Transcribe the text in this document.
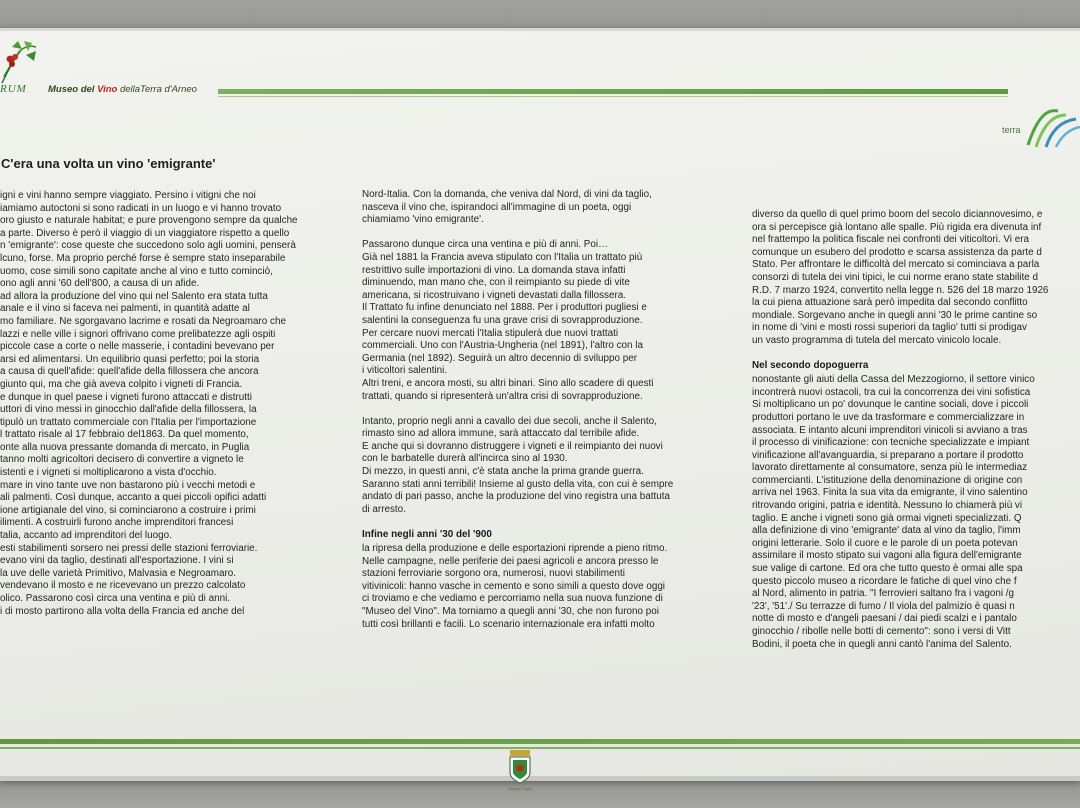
RUM Museo del Vino dellaTerra d'Arneo
terra
C'era una volta un vino 'emigrante'
igni e vini hanno sempre viaggiato. Persino i vitigni che noi
iamiamo autoctoni si sono radicati in un luogo e vi hanno trovato
oro giusto e naturale habitat; e pure provengono sempre da qualche
a parte. Diverso è però il viaggio di un viaggiatore rispetto a quello
n 'emigrante': cose queste che succedono solo agli uomini, penserà
lcuno, forse. Ma proprio perché forse è sempre stato inseparabile
uomo, cose simili sono capitate anche al vino e tutto cominciò,
ono agli anni '60 dell'800, a causa di un afide.
ad allora la produzione del vino qui nel Salento era stata tutta
anale e il vino si faceva nei palmenti, in quantità adatte al
mo familiare. Ne sgorgavano lacrime e rosati da Negroamaro che
lazzi e nelle ville i signori offrivano come prelibatezze agli ospiti
piccole case a corte o nelle masserie, i contadini bevevano per
arsi ed alimentarsi. Un equilibrio quasi perfetto; poi la storia
a causa di quell'afide: quell'afide della fillossera che ancora
giunto qui, ma che già aveva colpito i vigneti di Francia.
e dunque in quel paese i vigneti furono attaccati e distrutti
uttori di vino messi in ginocchio dall'afide della fillossera, la
tipulò un trattato commerciale con l'Italia per l'importazione
l trattato risale al 17 febbraio del1863. Da quel momento,
onte alla nuova pressante domanda di mercato, in Puglia
tanno molti agricoltori decisero di convertire a vigneto le
istenti e i vigneti si moltiplicarono a vista d'occhio.
mare in vino tante uve non bastarono più i vecchi metodi e
ali palmenti. Così dunque, accanto a quei piccoli opifici adatti
ione artigianale del vino, si cominciarono a costruire i primi
ilimenti. A costruirli furono anche imprenditori francesi
talia, accanto ad imprenditori del luogo.
esti stabilimenti sorsero nei pressi delle stazioni ferroviarie.
evano vini da taglio, destinati all'esportazione. I vini si
la uve delle varietà Primitivo, Malvasia e Negroamaro.
vendevano il mosto e ne ricevevano un prezzo calcolato
olico. Passarono così circa una ventina e più di anni.
i di mosto partirono alla volta della Francia ed anche del
Nord-Italia. Con la domanda, che veniva dal Nord, di vini da taglio,
nasceva il vino che, ispirandoci all'immagine di un poeta, oggi
chiamiamo 'vino emigrante'.
Passarono dunque circa una ventina e più di anni. Poi…
Già nel 1881 la Francia aveva stipulato con l'Italia un trattato più
restrittivo sulle importazioni di vino. La domanda stava infatti
diminuendo, man mano che, con il reimpianto su piede di vite
americana, si ricostruivano i vigneti devastati dalla fillossera.
Il Trattato fu infine denunciato nel 1888. Per i produttori pugliesi e
salentini la conseguenza fu una grave crisi di sovrapproduzione.
Per cercare nuovi mercati l'Italia stipulerà due nuovi trattati
commerciali. Uno con l'Austria-Ungheria (nel 1891), l'altro con la
Germania (nel 1892). Seguirà un altro decennio di sviluppo per
i viticoltori salentini.
Altri treni, e ancora mosti, su altri binari. Sino allo scadere di questi
trattati, quando si ripresenterà un'altra crisi di sovrapproduzione.
Intanto, proprio negli anni a cavallo dei due secoli, anche il Salento,
rimasto sino ad allora immune, sarà attaccato dal terribile afide.
E anche qui si dovranno distruggere i vigneti e il reimpianto dei nuovi
con le barbatelle durerà all'incirca sino al 1930.
Di mezzo, in questi anni, c'è stata anche la prima grande guerra.
Saranno stati anni terribili! Insieme al gusto della vita, con cui è sempre
andato di pari passo, anche la produzione del vino registra una battuta
di arresto.
Infine negli anni '30 del '900
la ripresa della produzione e delle esportazioni riprende a pieno ritmo.
Nelle campagne, nelle periferie dei paesi agricoli e ancora presso le
stazioni ferroviarie sorgono ora, numerosi, nuovi stabilimenti
vitivinicoli: hanno vasche in cemento e sono simili a questo dove oggi
ci troviamo e che vediamo e percorriamo nella sua nuova funzione di
"Museo del Vino". Ma torniamo a quegli anni '30, che non furono poi
tutti così brillanti e facili. Lo scenario internazionale era infatti molto
diverso da quello di quel primo boom del secolo diciannovesimo, e
ora si percepisce già lontano alle spalle. Più rigida era divenuta inf
nel frattempo la politica fiscale nei confronti dei viticoltori. Vi era
comunque un esubero del prodotto e scarsa assistenza da parte d
Stato. Per affrontare le difficoltà del mercato si cominciava a parla
consorzi di tutela dei vini tipici, le cui norme erano state stabilite d
R.D. 7 marzo 1924, convertito nella legge n. 526 del 18 marzo 1926
la cui piena attuazione sarà però impedita dal secondo conflitto
mondiale. Sorgevano anche in quegli anni '30 le prime cantine so
in nome di 'vini e mosti rossi superiori da taglio' tutti si prodigav
un vasto programma di tutela del mercato vinicolo locale.
Nel secondo dopoguerra
nonostante gli aiuti della Cassa del Mezzogiorno, il settore vinico
incontrerà nuovi ostacoli, tra cui la concorrenza dei vini sofistica
Si moltiplicano un po' dovunque le cantine sociali, dove i piccoli
produttori portano le uve da trasformare e commercializzare in
associata. E intanto alcuni imprenditori vinicoli si avviano a tras
il processo di vinificazione: con tecniche specializzate e impiant
vinificazione all'avanguardia, si preparano a portare il prodotto
lavorato direttamente al consumatore, senza più le intermediaz
commercianti. L'istituzione della denominazione di origine con
arriva nel 1963. Finita la sua vita da emigrante, il vino salentino
ritrovando origini, patria e identità. Nessuno lo chiamerà più vi
taglio. E anche i vigneti sono già ormai vigneti specializzati. Q
alla definizione di vino 'emigrante' data al vino da taglio, l'imm
origini letterarie. Solo il cuore e le parole di un poeta potevan
assimilare il mosto stipato sui vagoni alla figura dell'emigrante
sue valige di cartone. Ed ora che tutto questo è ormai alle spa
questo piccolo museo a ricordare le fatiche di quel vino che f
al Nord, alimento in patria. "I ferrovieri saltano fra i vagoni /g
'23', '51'./ Su terrazze di fumo / Il viola del palmizio è quasi n
notte di mosto e d'angeli paesani / dai piedi scalzi e i pantalo
ginocchio / ribolle nelle botti di cemento": sono i versi di Vitt
Bodini, il poeta che in quegli anni cantò l'anima del Salento.
Regione Puglia
